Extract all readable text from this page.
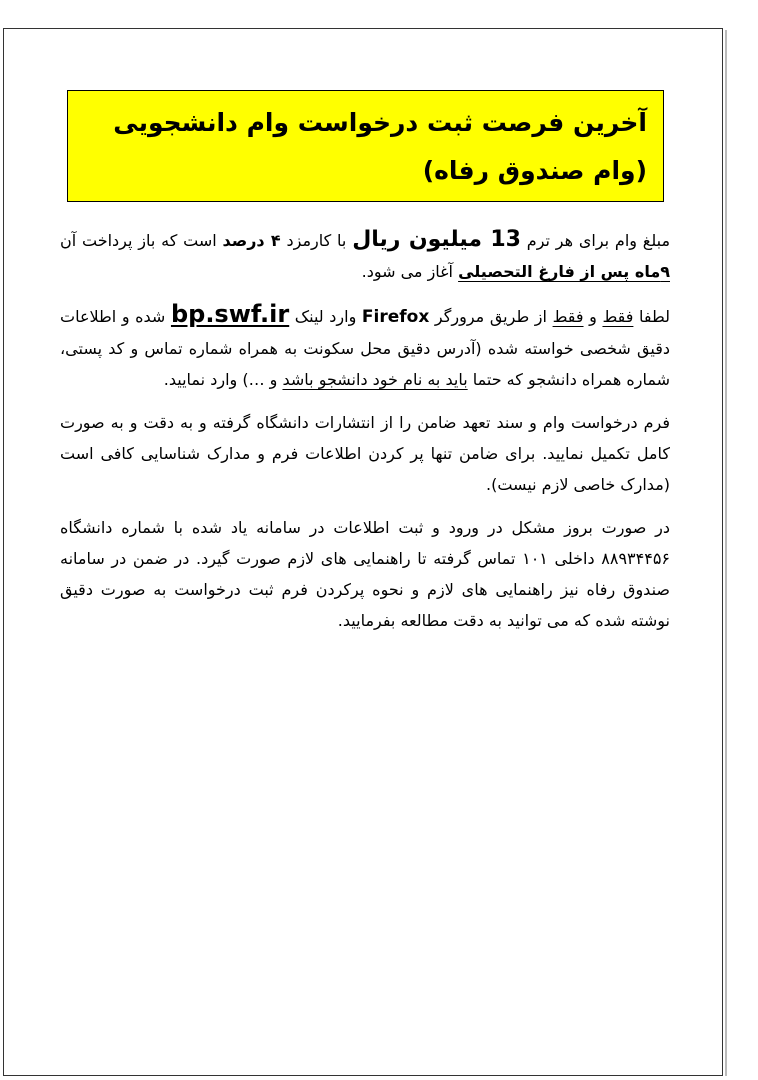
آخرین فرصت ثبت درخواست وام دانشجویی (وام صندوق رفاه)

مبلغ وام برای هر ترم 13 میلیون ریال با کارمزد ۴ درصد است که باز پرداخت آن ۹ماه پس از فارغ التحصیلی آغاز می شود.

لطفا فقط و فقط از طریق مرورگر Firefox وارد لینک bp.swf.ir شده و اطلاعات دقیق شخصی خواسته شده (آدرس دقیق محل سکونت به همراه شماره تماس و کد پستی، شماره همراه دانشجو که حتما باید به نام خود دانشجو باشد و …) وارد نمایید.

فرم درخواست وام و سند تعهد ضامن را از انتشارات دانشگاه گرفته و به دقت و به صورت کامل تکمیل نمایید. برای ضامن تنها پر کردن اطلاعات فرم و مدارک شناسایی کافی است (مدارک خاصی لازم نیست).

در صورت بروز مشکل در ورود و ثبت اطلاعات در سامانه یاد شده با شماره دانشگاه ۸۸۹۳۴۴۵۶ داخلی ۱۰۱ تماس گرفته تا راهنمایی های لازم صورت گیرد. در ضمن در سامانه صندوق رفاه نیز راهنمایی های لازم و نحوه پرکردن فرم ثبت درخواست به صورت دقیق نوشته شده که می توانید به دقت مطالعه بفرمایید.
